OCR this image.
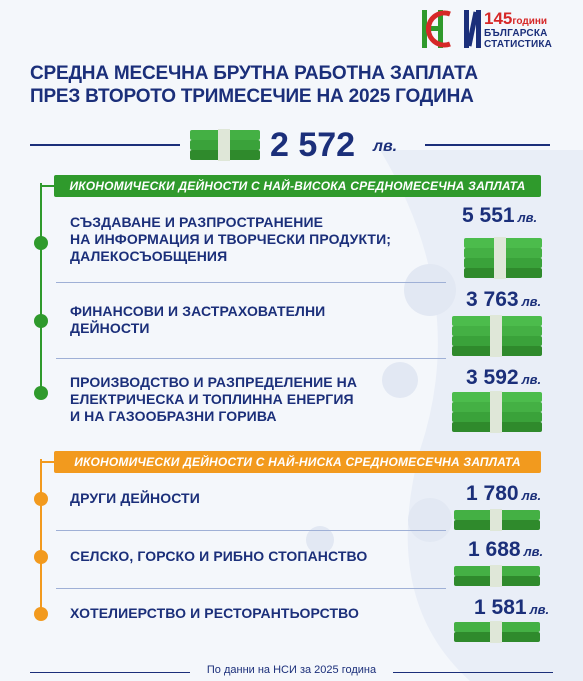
145години
БЪЛГАРСКА
СТАТИСТИКА
СРЕДНА МЕСЕЧНА БРУТНА РАБОТНА ЗАПЛАТА
ПРЕЗ ВТОРОТО ТРИМЕСЕЧИЕ НА 2025 ГОДИНА
2 572 лв.
ИКОНОМИЧЕСКИ ДЕЙНОСТИ С НАЙ-ВИСОКА СРЕДНОМЕСЕЧНА ЗАПЛАТА
СЪЗДАВАНЕ И РАЗПРОСТРАНЕНИЕ
НА ИНФОРМАЦИЯ И ТВОРЧЕСКИ ПРОДУКТИ;
ДАЛЕКОСЪОБЩЕНИЯ
5 551 лв.
ФИНАНСОВИ И ЗАСТРАХОВАТЕЛНИ
ДЕЙНОСТИ
3 763 лв.
ПРОИЗВОДСТВО И РАЗПРЕДЕЛЕНИЕ НА
ЕЛЕКТРИЧЕСКА И ТОПЛИННА ЕНЕРГИЯ
И НА ГАЗООБРАЗНИ ГОРИВА
3 592 лв.
ИКОНОМИЧЕСКИ ДЕЙНОСТИ С НАЙ-НИСКА СРЕДНОМЕСЕЧНА ЗАПЛАТА
ДРУГИ ДЕЙНОСТИ	1 780 лв.
СЕЛСКО, ГОРСКО И РИБНО СТОПАНСТВО	1 688 лв.
ХОТЕЛИЕРСТВО И РЕСТОРАНТЬОРСТВО	1 581 лв.
По данни на НСИ за 2025 година
